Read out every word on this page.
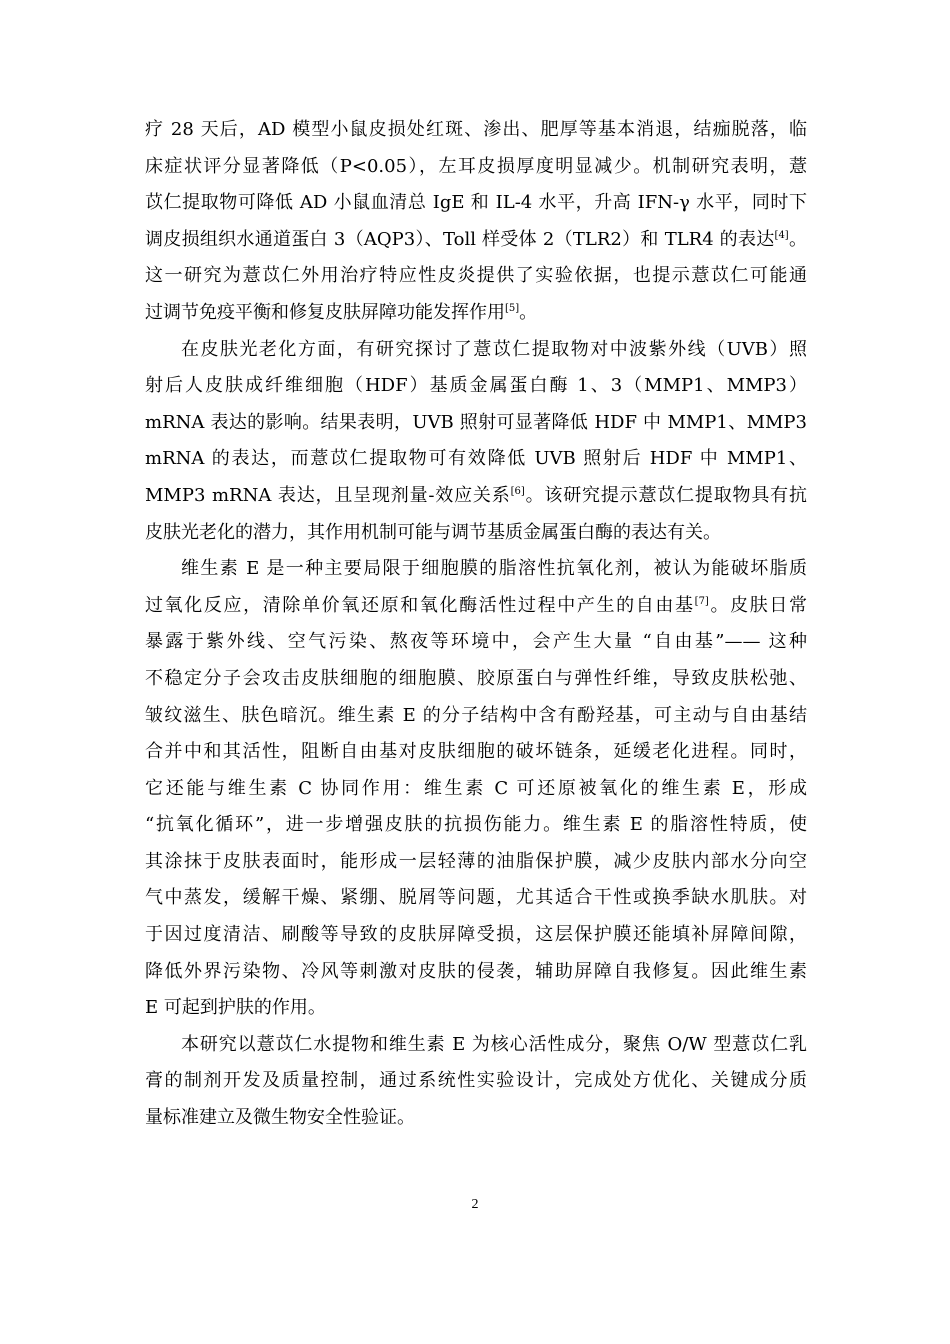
疗 28 天后，AD 模型小鼠皮损处红斑、渗出、肥厚等基本消退，结痂脱落，临
床症状评分显著降低（P<0.05），左耳皮损厚度明显减少。机制研究表明，薏
苡仁提取物可降低 AD 小鼠血清总 IgE 和 IL-4 水平，升高 IFN-γ 水平，同时下
调皮损组织水通道蛋白 3（AQP3）、Toll 样受体 2（TLR2）和 TLR4 的表达[4]。
这一研究为薏苡仁外用治疗特应性皮炎提供了实验依据，也提示薏苡仁可能通
过调节免疫平衡和修复皮肤屏障功能发挥作用[5]。
在皮肤光老化方面，有研究探讨了薏苡仁提取物对中波紫外线（UVB）照
射后人皮肤成纤维细胞（HDF）基质金属蛋白酶 1、3（MMP1、MMP3）
mRNA 表达的影响。结果表明，UVB 照射可显著降低 HDF 中 MMP1、MMP3
mRNA 的表达，而薏苡仁提取物可有效降低 UVB 照射后 HDF 中 MMP1、
MMP3 mRNA 表达，且呈现剂量-效应关系[6]。该研究提示薏苡仁提取物具有抗
皮肤光老化的潜力，其作用机制可能与调节基质金属蛋白酶的表达有关。
维生素 E 是一种主要局限于细胞膜的脂溶性抗氧化剂，被认为能破坏脂质
过氧化反应，清除单价氧还原和氧化酶活性过程中产生的自由基[7]。皮肤日常
暴露于紫外线、空气污染、熬夜等环境中，会产生大量 “自由基”—— 这种
不稳定分子会攻击皮肤细胞的细胞膜、胶原蛋白与弹性纤维，导致皮肤松弛、
皱纹滋生、肤色暗沉。维生素 E 的分子结构中含有酚羟基，可主动与自由基结
合并中和其活性，阻断自由基对皮肤细胞的破坏链条，延缓老化进程。同时，
它还能与维生素 C 协同作用：维生素 C 可还原被氧化的维生素 E，形成
“抗氧化循环”，进一步增强皮肤的抗损伤能力。维生素 E 的脂溶性特质，使
其涂抹于皮肤表面时，能形成一层轻薄的油脂保护膜，减少皮肤内部水分向空
气中蒸发，缓解干燥、紧绷、脱屑等问题，尤其适合干性或换季缺水肌肤。对
于因过度清洁、刷酸等导致的皮肤屏障受损，这层保护膜还能填补屏障间隙，
降低外界污染物、冷风等刺激对皮肤的侵袭，辅助屏障自我修复。因此维生素
E 可起到护肤的作用。
本研究以薏苡仁水提物和维生素 E 为核心活性成分，聚焦 O/W 型薏苡仁乳
膏的制剂开发及质量控制，通过系统性实验设计，完成处方优化、关键成分质
量标准建立及微生物安全性验证。
2
